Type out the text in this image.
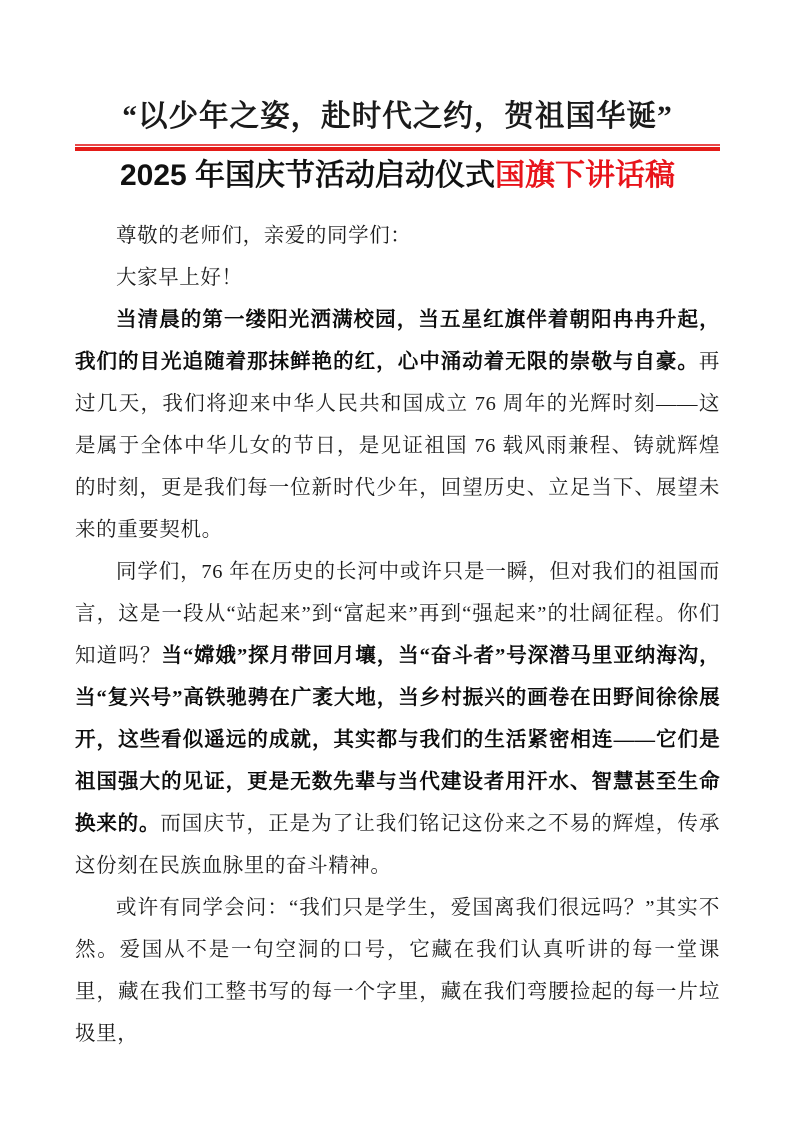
“以少年之姿，赴时代之约，贺祖国华诞”
2025 年国庆节活动启动仪式国旗下讲话稿

尊敬的老师们，亲爱的同学们：

大家早上好！

当清晨的第一缕阳光洒满校园，当五星红旗伴着朝阳冉冉升起，我们的目光追随着那抹鲜艳的红，心中涌动着无限的崇敬与自豪。再过几天，我们将迎来中华人民共和国成立 76 周年的光辉时刻——这是属于全体中华儿女的节日，是见证祖国 76 载风雨兼程、铸就辉煌的时刻，更是我们每一位新时代少年，回望历史、立足当下、展望未来的重要契机。

同学们，76 年在历史的长河中或许只是一瞬，但对我们的祖国而言，这是一段从“站起来”到“富起来”再到“强起来”的壮阔征程。你们知道吗？当“嫦娥”探月带回月壤，当“奋斗者”号深潜马里亚纳海沟，当“复兴号”高铁驰骋在广袤大地，当乡村振兴的画卷在田野间徐徐展开，这些看似遥远的成就，其实都与我们的生活紧密相连——它们是祖国强大的见证，更是无数先辈与当代建设者用汗水、智慧甚至生命换来的。而国庆节，正是为了让我们铭记这份来之不易的辉煌，传承这份刻在民族血脉里的奋斗精神。

或许有同学会问：“我们只是学生，爱国离我们很远吗？”其实不然。爱国从不是一句空洞的口号，它藏在我们认真听讲的每一堂课里，藏在我们工整书写的每一个字里，藏在我们弯腰捡起的每一片垃圾里，
